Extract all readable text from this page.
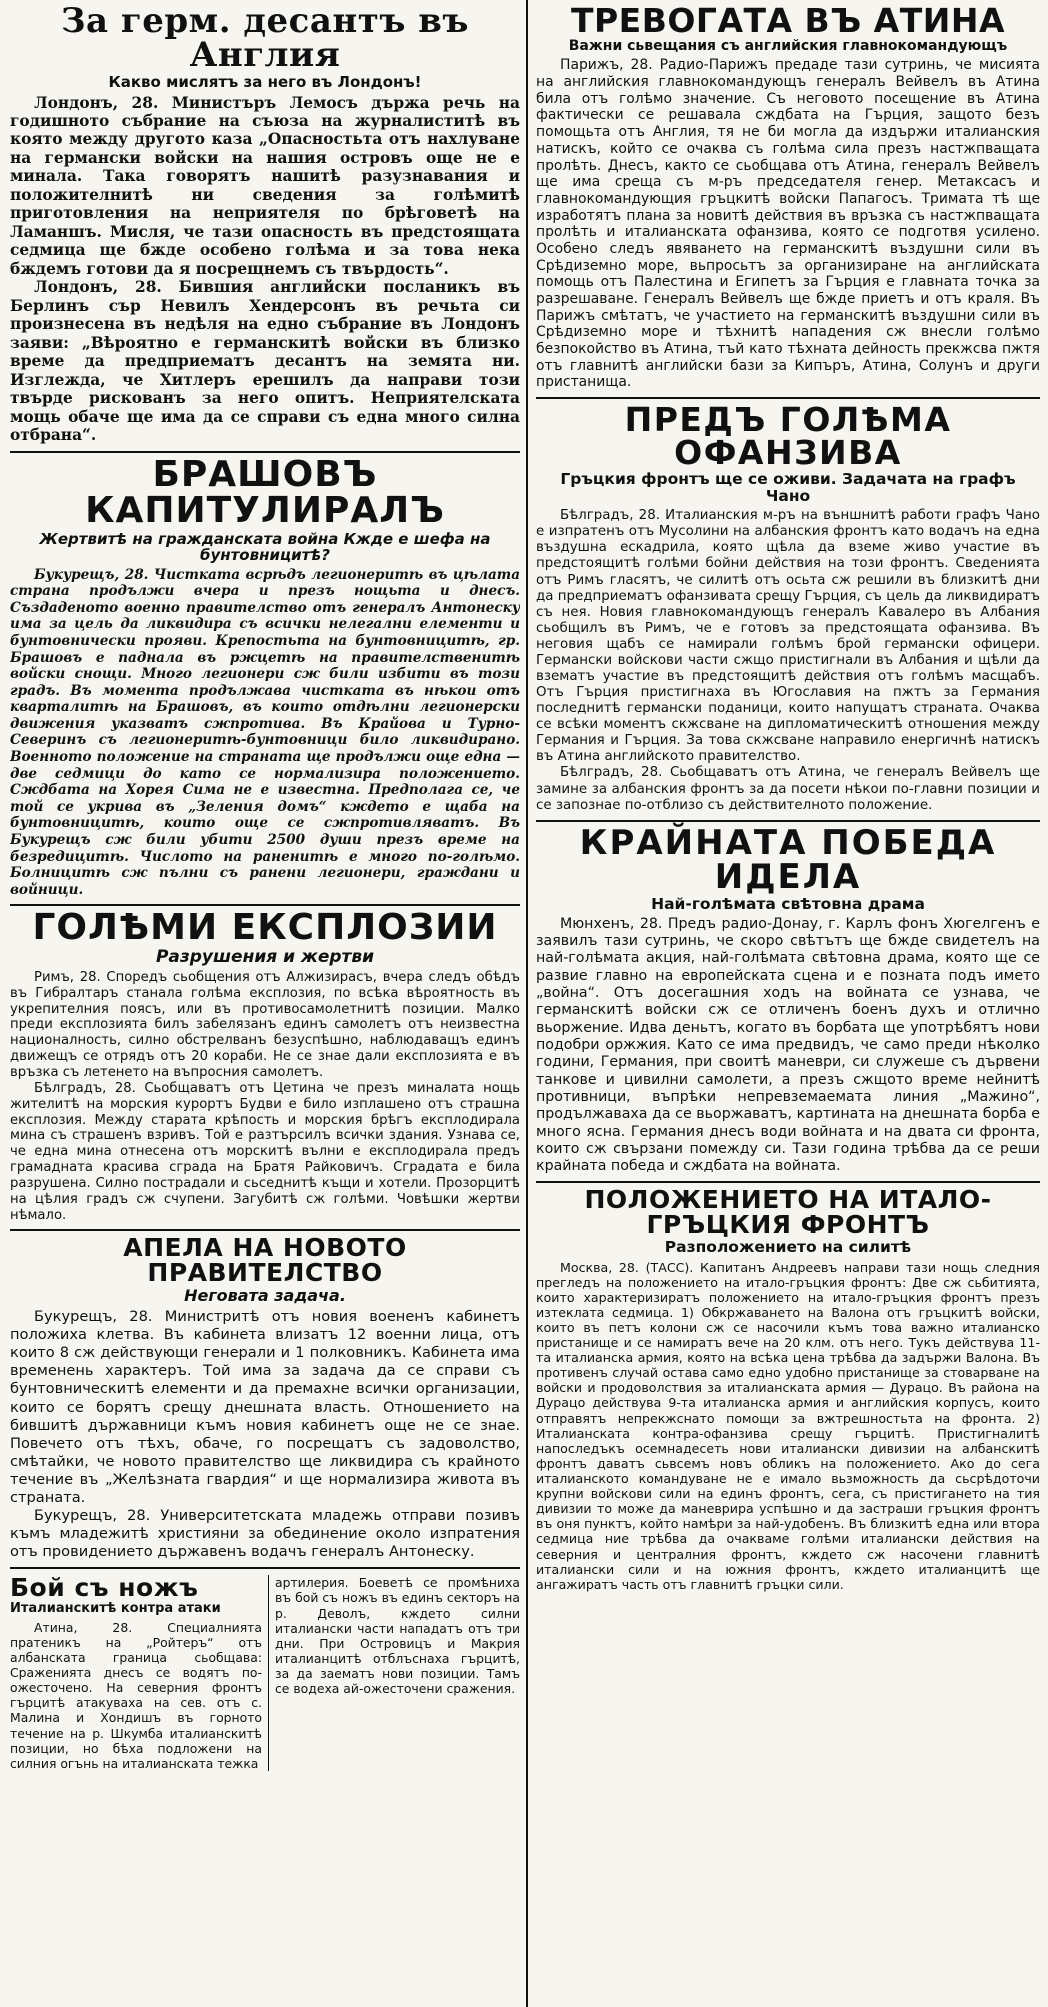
За герм. десантъ въ Англия
Какво мислятъ за него въ Лондонъ!

Лондонъ, 28. Министъръ Лемосъ държа речь на годишното събрание на съюза на журналиститѣ въ която между другото каза „Опасностьта отъ нахлуване на германски войски на нашия островъ още не е минала. Така говорятъ нашитѣ разузнавания и положителнитѣ ни сведения за голѣмитѣ приготовления на неприятеля по брѣговетѣ на Ламаншъ. Мисля, че тази опасность въ предстоящата седмица ще бжде особено голѣма и за това нека бждемъ готови да я посрещнемъ съ твърдость“.

Лондонъ, 28. Бившия английски посланикъ въ Берлинъ сър Невилъ Хендерсонъ въ речьта си произнесена въ недѣля на едно събрание въ Лондонъ заяви: „Вѣроятно е германскитѣ войски въ близко време да предприематъ десантъ на земята ни. Изглежда, че Хитлеръ ерешилъ да направи този твърде рискованъ за него опитъ. Неприятелската мощь обаче ще има да се справи съ една много силна отбрана“.

БРАШОВЪ КАПИТУЛИРАЛЪ
Жертвитѣ на гражданската война Кжде е шефа на бунтовницитѣ?

Букурещъ, 28. Чистката всрѣдъ легионеритѣ въ цѣлата страна продължи вчера и презъ нощьта и днесъ. Създаденото военно правителство отъ генералъ Антонеску има за цель да ликвидира съ всички нелегални елементи и бунтовнически прояви. Крепостьта на бунтовницитѣ, гр. Брашовъ е паднала въ ржцетѣ на правителственитѣ войски снощи. Много легионери сж били избити въ този градъ. Въ момента продължава чистката въ нѣкои отъ кварталитѣ на Брашовъ, въ които отдѣлни легионерски движения указватъ сжпротива. Въ Крайова и Турно-Северинъ съ легионеритѣ-бунтовници било ликвидирано. Военното положение на страната ще продължи още една — две седмици до като се нормализира положението. Сждбата на Хорея Сима не е известна. Предполага се, че той се укрива въ „Зеления домъ“ кждето е щаба на бунтовницитѣ, които още се сжпротивляватъ. Въ Букурещъ сж били убити 2500 души презъ време на безредицитѣ. Числото на раненитѣ е много по-голѣмо. Болницитѣ сж пълни съ ранени легионери, граждани и войници.

ГОЛѢМИ ЕКСПЛОЗИИ
Разрушения и жертви

Римъ, 28. Споредъ сьобщения отъ Алжизирасъ, вчера следъ обѣдъ въ Гибралтаръ станала голѣма експлозия, по всѣка вѣроятность въ укрепителния поясъ, или въ противосамолетнитѣ позиции. Малко преди експлозията билъ забелязанъ единъ самолетъ отъ неизвестна националность, силно обстрелванъ безуспѣшно, наблюдаващъ единъ движещъ се отрядъ отъ 20 кораби. Не се знае дали експлозията е въ връзка съ летенето на въпросния самолетъ.

Бѣлградъ, 28. Сьобщаватъ отъ Цетина че презъ миналата нощь жителитѣ на морския курортъ Будви е било изплашено отъ страшна експлозия. Между старата крѣпость и морския брѣгъ експлодирала мина съ страшенъ взривъ. Той е разтърсилъ всички здания. Узнава се, че една мина отнесена отъ морскитѣ вълни е експлодирала предъ грамадната красива сграда на Братя Райковичъ. Сградата е била разрушена. Силно пострадали и сьседнитѣ къщи и хотели. Прозорцитѣ на цѣлия градъ сж счупени. Загубитѣ сж голѣми. Човѣшки жертви нѣмало.

АПЕЛА НА НОВОТО ПРАВИТЕЛСТВО
Неговата задача.

Букурещъ, 28. Министритѣ отъ новия воененъ кабинетъ положиха клетва. Въ кабинета влизатъ 12 военни лица, отъ които 8 сж действующи генерали и 1 полковникъ. Кабинета има временень характеръ. Той има за задача да се справи съ бунтовническитѣ елементи и да премахне всички организации, които се борятъ срещу днешната власть. Отношението на бившитѣ държавници къмъ новия кабинетъ още не се знае. Повечето отъ тѣхъ, обаче, го посрещатъ съ задоволство, смѣтайки, че новото правителство ще ликвидира съ крайното течение въ „Желѣзната гвардия“ и ще нормализира живота въ страната.

Букурещъ, 28. Университетската младежь отправи позивъ къмъ младежитѣ християни за обединение около изпратения отъ провидението държавенъ водачъ генералъ Антонеску.

Бой съ ножъ
Италианскитѣ контра атаки

Атина, 28. Специалнията пратеникъ на „Ройтеръ“ отъ албанската граница сьобщава: Сраженията днесъ се водятъ по-ожесточено. На северния фронтъ гърцитѣ атакуваха на сев. отъ с. Малина и Хондишъ въ горното течение на р. Шкумба италианскитѣ позиции, но бѣха подложени на силния огънь на италианската тежка

артилерия. Боеветѣ се промѣниха въ бой съ ножъ въ единъ секторъ на р. Деволъ, кждето силни италиански части нападатъ отъ три дни. При Островицъ и Макрия италианцитѣ отблъснаха гърцитѣ, за да заематъ нови позиции. Тамъ се водеха ай-ожесточени сражения.

ТРЕВОГАТА ВЪ АТИНА
Важни сьвещания съ английския главнокомандующъ

Парижъ, 28. Радио-Парижъ предаде тази сутринь, че мисията на английския главнокомандующъ генералъ Вейвелъ въ Атина била отъ голѣмо значение. Съ неговото посещение въ Атина фактически се решавала сждбата на Гърция, защото безъ помощьта отъ Англия, тя не би могла да издържи италианския натискъ, който се очаква съ голѣма сила презъ настжпващата пролѣть. Днесъ, както се сьобщава отъ Атина, генералъ Вейвелъ ще има среща съ м-ръ председателя генер. Метаксасъ и главнокомандующия гръцкитѣ войски Папагосъ. Тримата тѣ ще изработятъ плана за новитѣ действия въ връзка съ настжпващата пролѣть и италианската офанзива, която се подготвя усилено. Особено следъ явяването на германскитѣ въздушни сили въ Срѣдиземно море, вьпросьтъ за организиране на английската помощь отъ Палестина и Египетъ за Гърция е главната точка за разрешаване. Генералъ Вейвелъ ще бжде приетъ и отъ краля. Въ Парижъ смѣтатъ, че участието на германскитѣ въздушни сили въ Срѣдиземно море и тѣхнитѣ нападения сж внесли голѣмо безпокойство въ Атина, тъй като тѣхната дейность прекжсва пжтя отъ главнитѣ английски бази за Кипъръ, Атина, Солунъ и други пристанища.

ПРЕДЪ ГОЛѢМА ОФАНЗИВА
Гръцкия фронтъ ще се оживи. Задачата на графъ Чано

Бѣлградъ, 28. Италианския м-ръ на външнитѣ работи графъ Чано е изпратенъ отъ Мусолини на албанския фронтъ като водачъ на една въздушна ескадрила, която щѣла да вземе живо участие въ предстоящитѣ голѣми бойни действия на този фронтъ. Сведенията отъ Римъ гласятъ, че силитѣ отъ осьта сж решили въ близкитѣ дни да предприематъ офанзивата срещу Гърция, съ цель да ликвидиратъ съ нея. Новия главнокомандующъ генералъ Кавалеро въ Албания сьобщилъ въ Римъ, че е готовъ за предстоящата офанзива. Въ неговия щабъ се намирали голѣмъ брой германски офицери. Германски войскови части сжщо пристигнали въ Албания и щѣли да взематъ участие въ предстоящитѣ действия отъ голѣмъ масщабъ. Отъ Гърция пристигнаха въ Югославия на пжтъ за Германия последнитѣ германски поданици, които напущатъ страната. Очаква се всѣки моментъ скжсване на дипломатическитѣ отношения между Германия и Гърция. За това скжсване направило енергичнѣ натискъ въ Атина английското правителство.

Бѣлградъ, 28. Сьобщаватъ отъ Атина, че генералъ Вейвелъ ще замине за албанския фронтъ за да посети нѣкои по-главни позиции и се запознае по-отблизо съ действителното положение.

КРАЙНАТА ПОБЕДА ИДЕЛА
Най-голѣмата свѣтовна драма

Мюнхенъ, 28. Предъ радио-Донау, г. Карлъ фонъ Хюгелгенъ е заявилъ тази сутринь, че скоро свѣтътъ ще бжде свидетелъ на най-голѣмата акция, най-голѣмата свѣтовна драма, която ще се развие главно на европейската сцена и е позната подъ името „война“. Отъ досегашния ходъ на войната се узнава, че германскитѣ войски сж се отличенъ боенъ духъ и отлично вьоржение. Идва деньтъ, когато въ борбата ще употрѣбятъ нови подобри оржжия. Като се има предвидъ, че само преди нѣколко години, Германия, при своитѣ маневри, си служеше съ дървени танкове и цивилни самолети, а презъ сжщото време нейнитѣ противници, въпрѣки непревземаемата линия „Мажино“, продължаваха да се вьоржаватъ, картината на днешната борба е много ясна. Германия днесъ води войната и на двата си фронта, които сж свързани помежду си. Тази година трѣбва да се реши крайната победа и сждбата на войната.

ПОЛОЖЕНИЕТО НА ИТАЛО-ГРЪЦКИЯ ФРОНТЪ
Разположението на силитѣ

Москва, 28. (ТАСС). Капитанъ Андреевъ направи тази нощь следния прегледъ на положението на итало-гръцкия фронтъ: Две сж сьбитията, които характеризиратъ положението на итало-гръцкия фронтъ презъ изтеклата седмица. 1) Обкржаването на Валона отъ гръцкитѣ войски, които въ петъ колони сж се насочили къмъ това важно италианско пристанище и се намиратъ вече на 20 клм. отъ него. Тукъ действува 11-та италианска армия, която на всѣка цена трѣбва да задържи Валона. Въ противенъ случай остава само едно удобно пристанище за стоварване на войски и продоволствия за италианската армия — Дурацо. Въ района на Дурацо действува 9-та италианска армия и английския корпусъ, които отправятъ непрекжснато помощи за вжтрешностьта на фронта. 2) Италианската контра-офанзива срещу гърцитѣ. Пристигналитѣ напоследъкъ осемнадесеть нови италиански дивизии на албанскитѣ фронтъ даватъ сьвсемъ новъ обликъ на положението. Ако до сега италианското командуване не е имало вьзможность да сьсрѣдоточи крупни войскови сили на единъ фронтъ, сега, съ пристигането на тия дивизии то може да маневрира успѣшно и да застраши гръцкия фронтъ въ оня пунктъ, който намѣри за най-удобенъ. Въ близкитѣ една или втора седмица ние трѣбва да очакваме голѣми италиански действия на северния и централния фронтъ, кждето сж насочени главнитѣ италиански сили и на южния фронтъ, кждето италианцитѣ ще ангажиратъ часть отъ главнитѣ гръцки сили.
